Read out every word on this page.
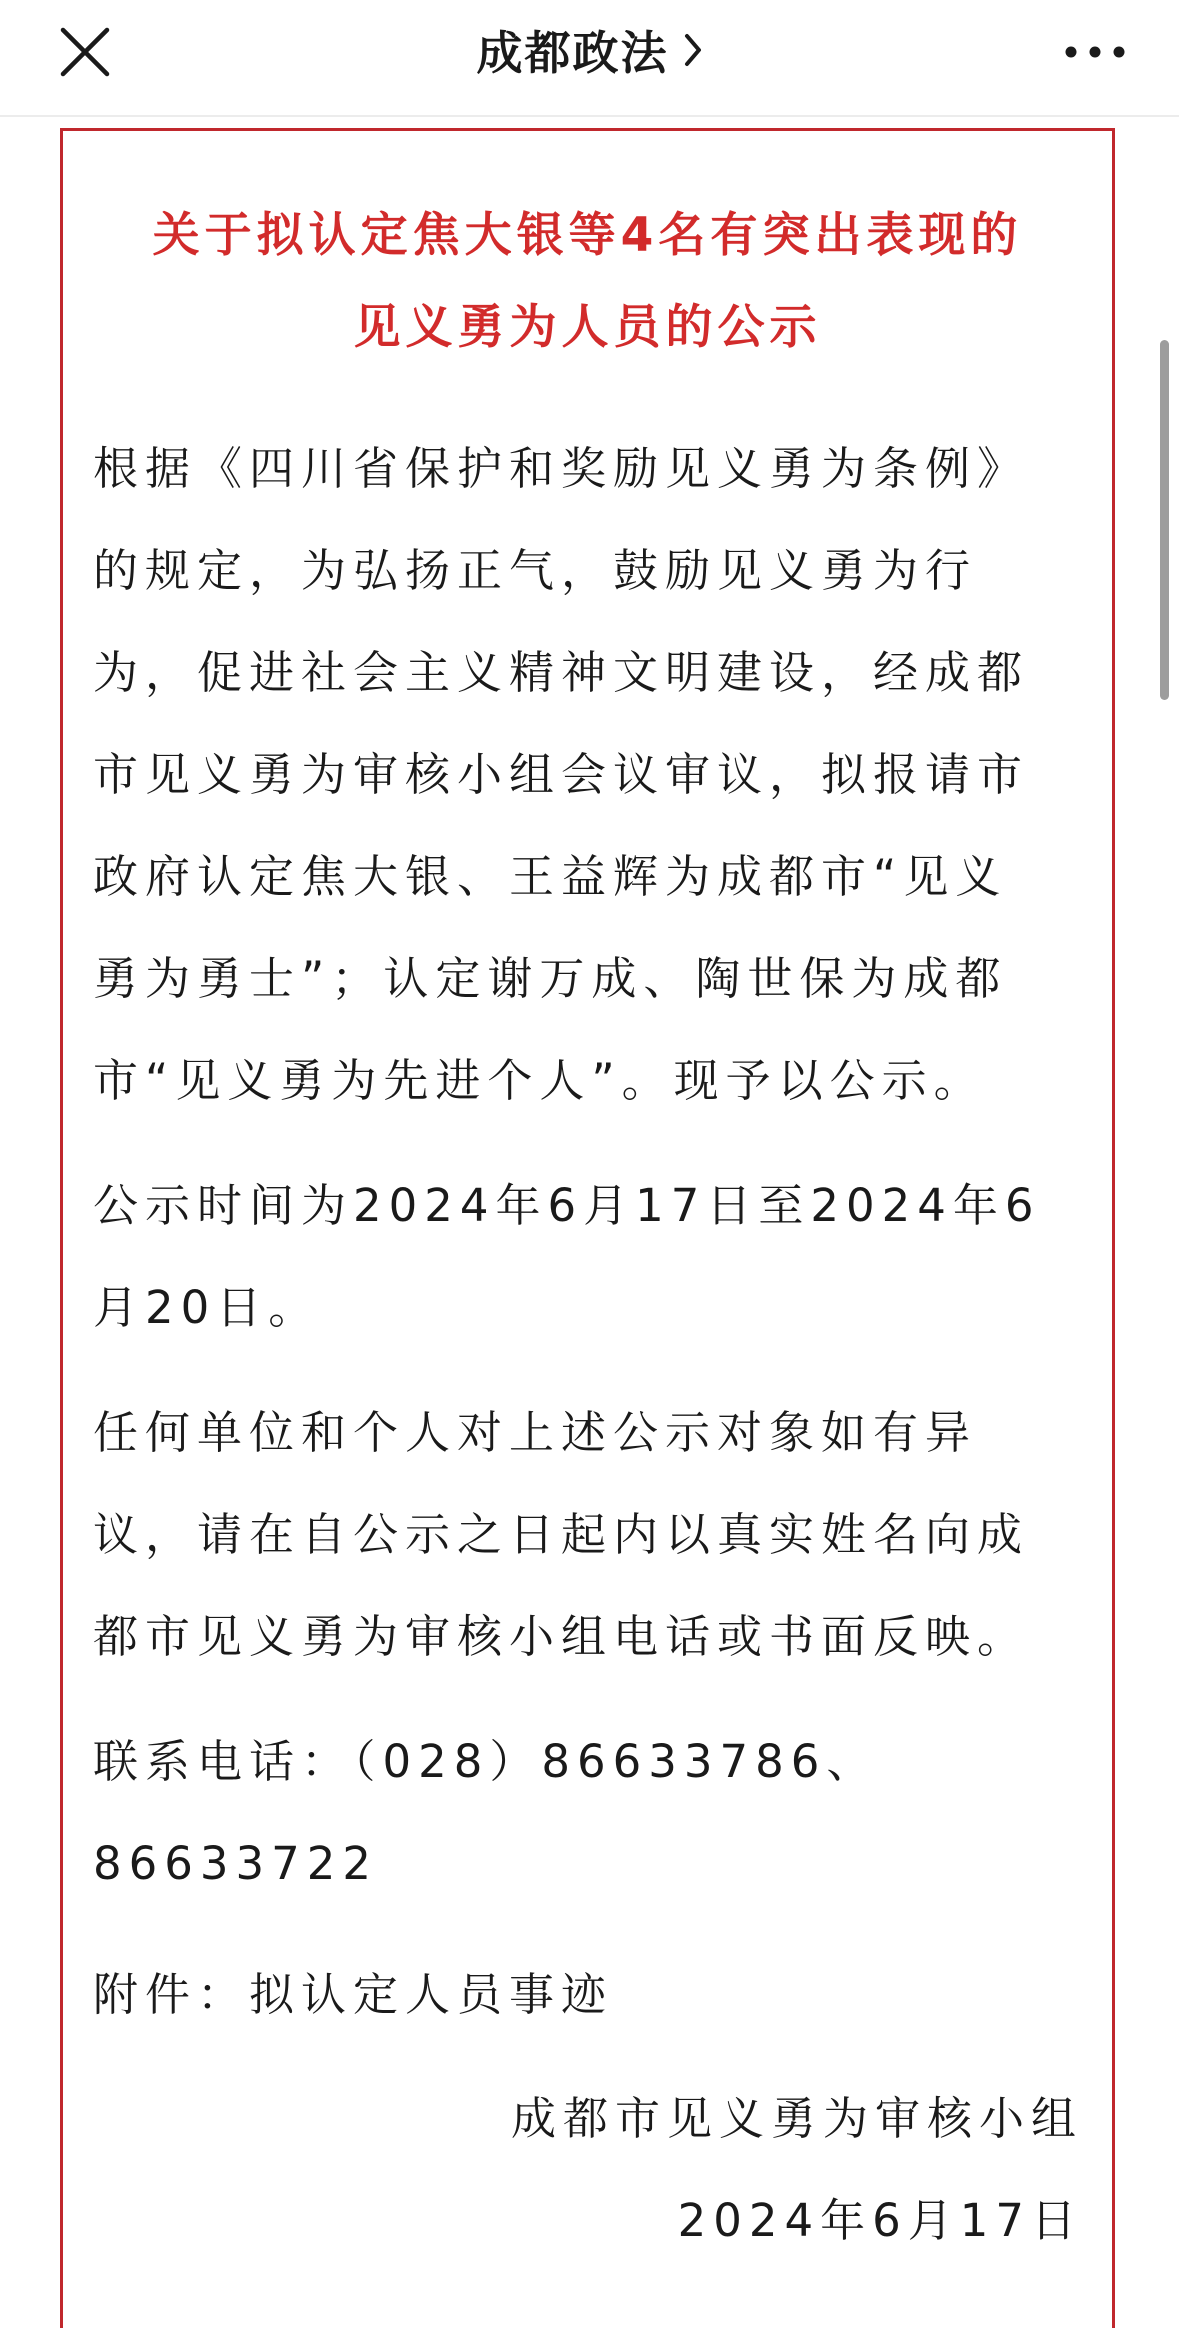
成都政法
关于拟认定焦大银等4名有突出表现的
见义勇为人员的公示
根据《四川省保护和奖励见义勇为条例》
的规定，为弘扬正气，鼓励见义勇为行
为，促进社会主义精神文明建设，经成都
市见义勇为审核小组会议审议，拟报请市
政府认定焦大银、王益辉为成都市“见义
勇为勇士”；认定谢万成、陶世保为成都
市“见义勇为先进个人”。现予以公示。
公示时间为2024年6月17日至2024年6
月20日。
任何单位和个人对上述公示对象如有异
议，请在自公示之日起内以真实姓名向成
都市见义勇为审核小组电话或书面反映。
联系电话：（028）86633786、
86633722
附件：拟认定人员事迹
成都市见义勇为审核小组
2024年6月17日
